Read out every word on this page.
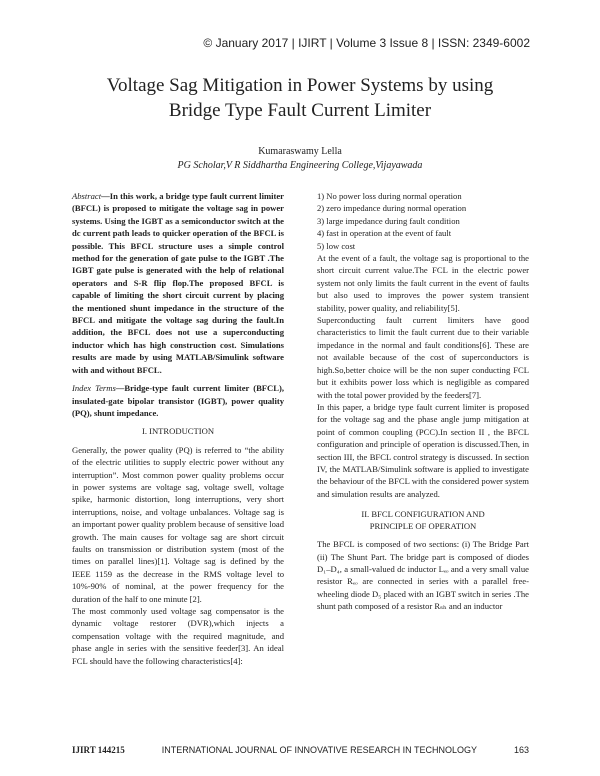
© January 2017 | IJIRT | Volume 3 Issue 8 | ISSN: 2349-6002
Voltage Sag Mitigation in Power Systems by using
Bridge Type Fault Current Limiter
Kumaraswamy Lella
PG Scholar,V R Siddhartha Engineering College,Vijayawada

Abstract—In this work, a bridge type fault current limiter (BFCL) is proposed to mitigate the voltage sag in power systems. Using the IGBT as a semiconductor switch at the dc current path leads to quicker operation of the BFCL is possible. This BFCL structure uses a simple control method for the generation of gate pulse to the IGBT .The IGBT gate pulse is generated with the help of relational operators and S-R flip flop.The proposed BFCL is capable of limiting the short circuit current by placing the mentioned shunt impedance in the structure of the BFCL and mitigate the voltage sag during the fault.In addition, the BFCL does not use a superconducting inductor which has high construction cost. Simulations results are made by using MATLAB/Simulink software with and without BFCL.

Index Terms—Bridge-type fault current limiter (BFCL), insulated-gate bipolar transistor (IGBT), power quality (PQ), shunt impedance.

I. INTRODUCTION

Generally, the power quality (PQ) is referred to “the ability of the electric utilities to supply electric power without any interruption”. Most common power quality problems occur in power systems are voltage sag, voltage swell, voltage spike, harmonic distortion, long interruptions, very short interruptions, noise, and voltage unbalances. Voltage sag is an important power quality problem because of sensitive load growth. The main causes for voltage sag are short circuit faults on transmission or distribution system (most of the times on parallel lines)[1]. Voltage sag is defined by the IEEE 1159 as the decrease in the RMS voltage level to 10%-90% of nominal, at the power frequency for the duration of the half to one minute [2].

The most commonly used voltage sag compensator is the dynamic voltage restorer (DVR),which injects a compensation voltage with the required magnitude, and phase angle in series with the sensitive feeder[3]. An ideal FCL should have the following characteristics[4]:

1) No power loss during normal operation
2) zero impedance during normal operation
3) large impedance during fault condition
4) fast in operation at the event of fault
5) low cost

At the event of a fault, the voltage sag is proportional to the short circuit current value.The FCL in the electric power system not only limits the fault current in the event of faults but also used to improves the power system transient stability, power quality, and reliability[5].

Superconducting fault current limiters have good characteristics to limit the fault current due to their variable impedance in the normal and fault conditions[6]. These are not available because of the cost of superconductors is high.So,better choice will be the non super conducting FCL but it exhibits power loss which is negligible as compared with the total power provided by the feeders[7].

In this paper, a bridge type fault current limiter is proposed for the voltage sag and the phase angle jump mitigation at point of common coupling (PCC).In section II , the BFCL configuration and principle of operation is discussed.Then, in section III, the BFCL control strategy is discussed. In section IV, the MATLAB/Simulink software is applied to investigate the behaviour of the BFCL with the considered power system and simulation results are analyzed.

II. BFCL CONFIGURATION AND
PRINCIPLE OF OPERATION

The BFCL is composed of two sections: (i) The Bridge Part (ii) The Shunt Part. The bridge part is composed of diodes D₁–D₄, a small-valued dc inductor Lₑₒ and a very small value resistor Rₑₒ are connected in series with a parallel free-wheeling diode D₅ placed with an IGBT switch in series .The shunt path composed of a resistor Rₛₕ and an inductor

IJIRT 144215	INTERNATIONAL JOURNAL OF INNOVATIVE RESEARCH IN TECHNOLOGY	163
